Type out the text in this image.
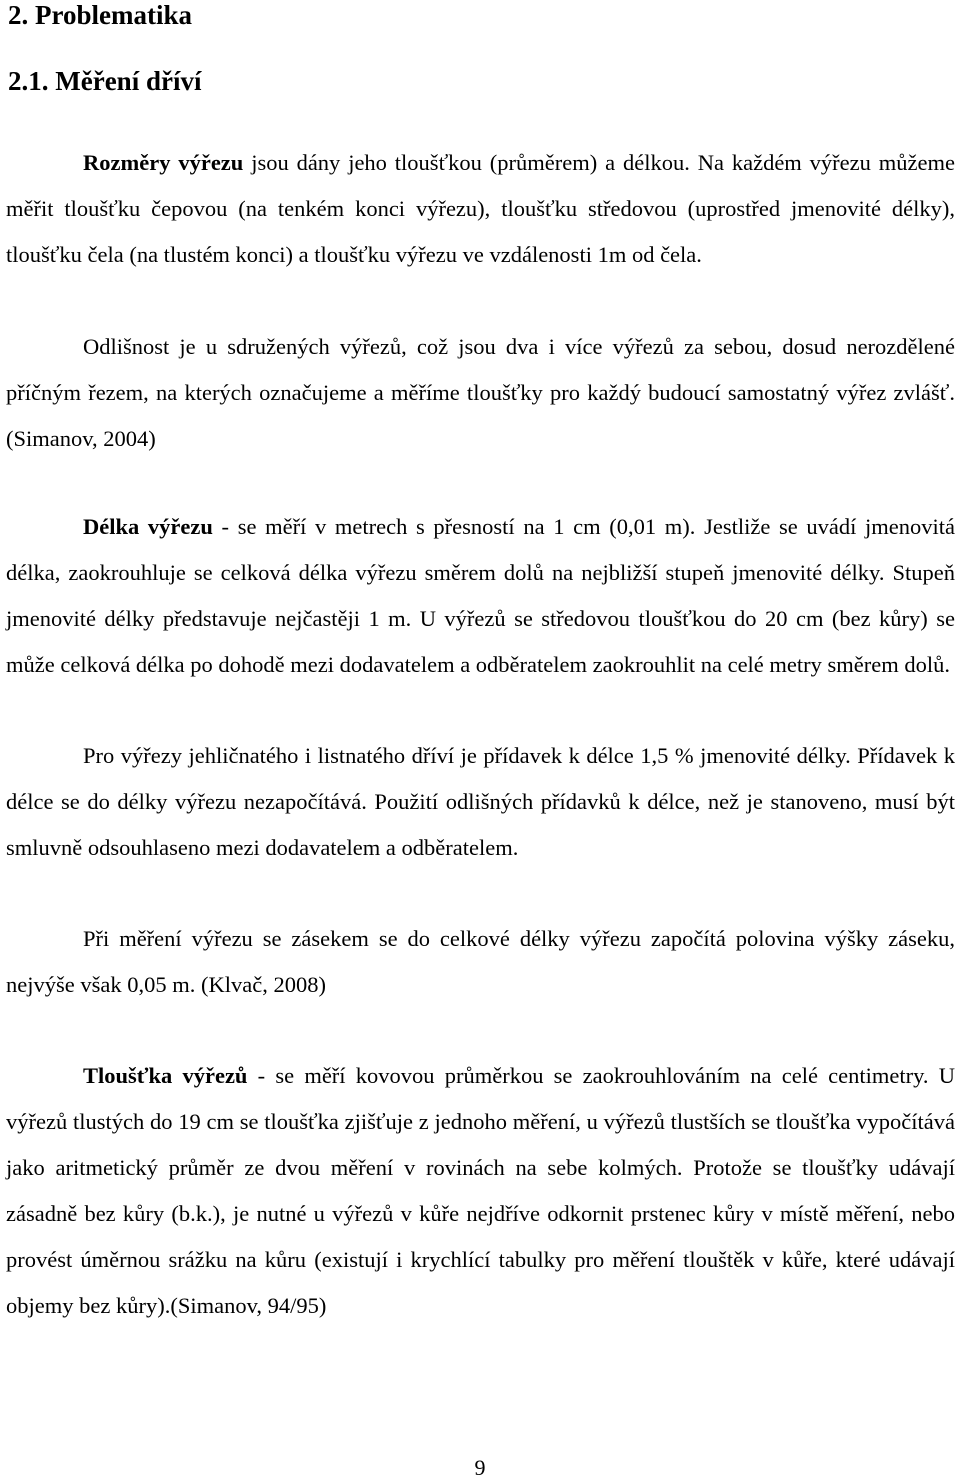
2. Problematika
2.1. Měření dříví

Rozměry výřezu jsou dány jeho tloušťkou (průměrem) a délkou. Na každém výřezu můžeme měřit tloušťku čepovou (na tenkém konci výřezu), tloušťku středovou (uprostřed jmenovité délky), tloušťku čela (na tlustém konci) a tloušťku výřezu ve vzdálenosti 1m od čela.

Odlišnost je u sdružených výřezů, což jsou dva i více výřezů za sebou, dosud nerozdělené příčným řezem, na kterých označujeme a měříme tloušťky pro každý budoucí samostatný výřez zvlášť. (Simanov, 2004)

Délka výřezu - se měří v metrech s přesností na 1 cm (0,01 m). Jestliže se uvádí jmenovitá délka, zaokrouhluje se celková délka výřezu směrem dolů na nejbližší stupeň jmenovité délky. Stupeň jmenovité délky představuje nejčastěji 1 m. U výřezů se středovou tloušťkou do 20 cm (bez kůry) se může celková délka po dohodě mezi dodavatelem a odběratelem zaokrouhlit na celé metry směrem dolů.

Pro výřezy jehličnatého i listnatého dříví je přídavek k délce 1,5 % jmenovité délky. Přídavek k délce se do délky výřezu nezapočítává. Použití odlišných přídavků k délce, než je stanoveno, musí být smluvně odsouhlaseno mezi dodavatelem a odběratelem.

Při měření výřezu se zásekem se do celkové délky výřezu započítá polovina výšky záseku, nejvýše však 0,05 m. (Klvač, 2008)

Tloušťka výřezů - se měří kovovou průměrkou se zaokrouhlováním na celé centimetry. U výřezů tlustých do 19 cm se tloušťka zjišťuje z jednoho měření, u výřezů tlustších se tloušťka vypočítává jako aritmetický průměr ze dvou měření v rovinách na sebe kolmých. Protože se tloušťky udávají zásadně bez kůry (b.k.), je nutné u výřezů v kůře nejdříve odkornit prstenec kůry v místě měření, nebo provést úměrnou srážku na kůru (existují i krychlící tabulky pro měření tlouštěk v kůře, které udávají objemy bez kůry).(Simanov, 94/95)

9
